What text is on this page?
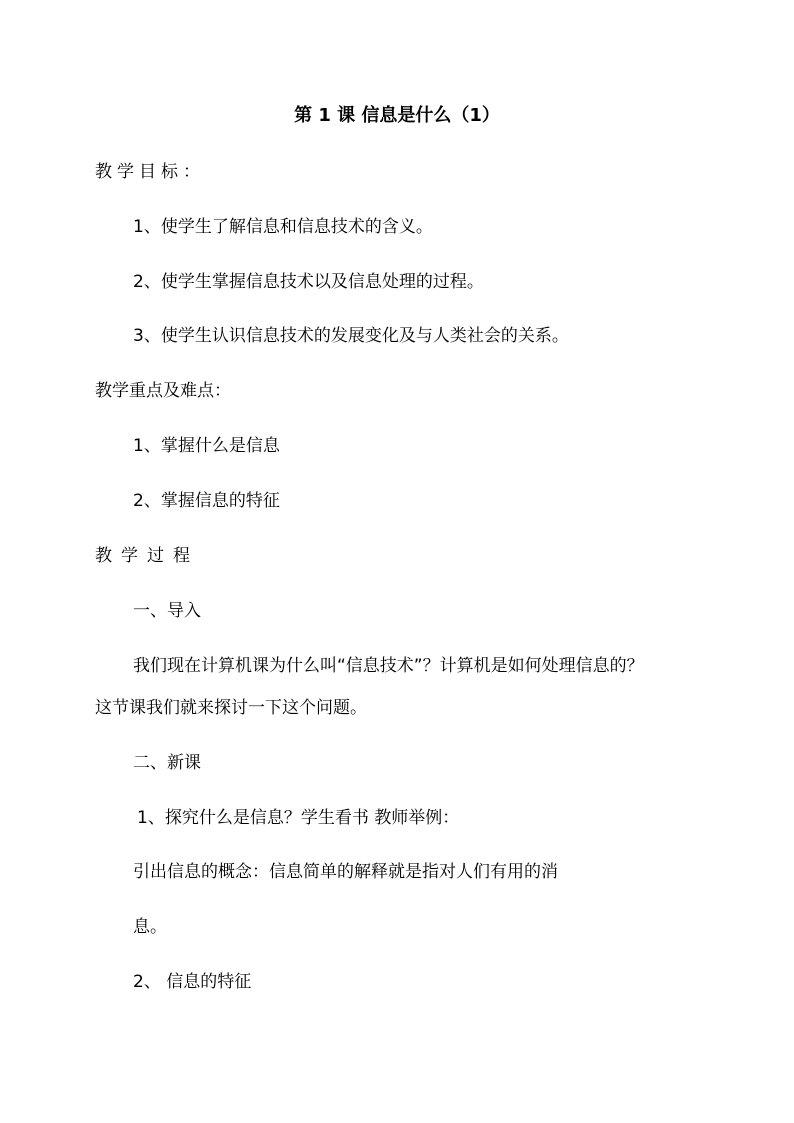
第 1 课 信息是什么（1）
教学目标：
1、使学生了解信息和信息技术的含义。
2、使学生掌握信息技术以及信息处理的过程。
3、使学生认识信息技术的发展变化及与人类社会的关系。
教学重点及难点：
1、掌握什么是信息
2、掌握信息的特征
教学过程
一、导入
我们现在计算机课为什么叫“信息技术”？计算机是如何处理信息的？
这节课我们就来探讨一下这个问题。
二、新课
1、探究什么是信息？学生看书 教师举例：
引出信息的概念：信息简单的解释就是指对人们有用的消
息。
2、 信息的特征
